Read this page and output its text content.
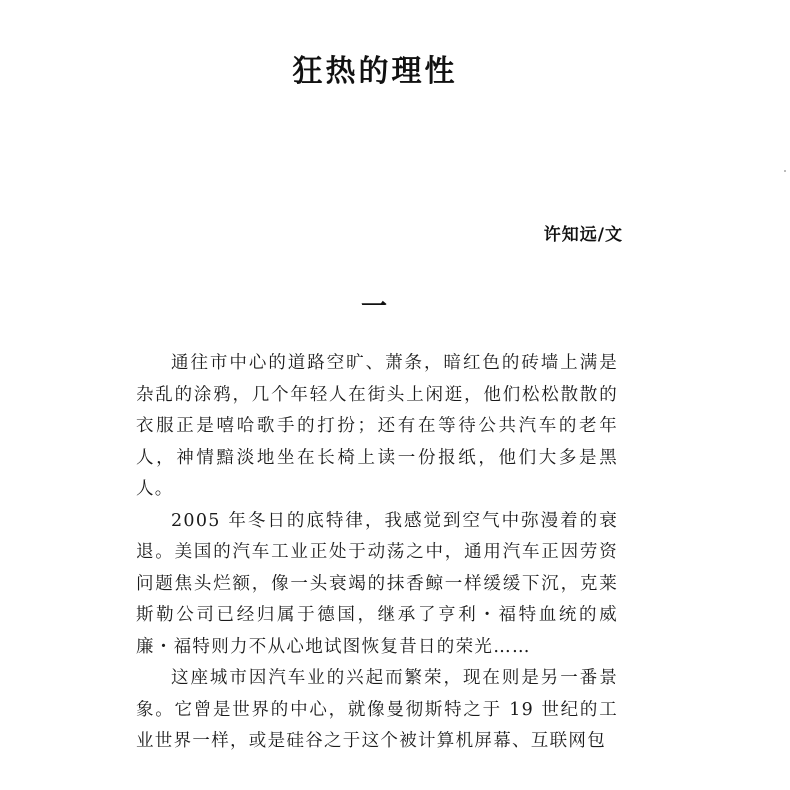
狂热的理性
许知远/文
一

通往市中心的道路空旷、萧条，暗红色的砖墙上满是杂乱的涂鸦，几个年轻人在街头上闲逛，他们松松散散的衣服正是嘻哈歌手的打扮；还有在等待公共汽车的老年人，神情黯淡地坐在长椅上读一份报纸，他们大多是黑人。

2005 年冬日的底特律，我感觉到空气中弥漫着的衰退。美国的汽车工业正处于动荡之中，通用汽车正因劳资问题焦头烂额，像一头衰竭的抹香鲸一样缓缓下沉，克莱斯勒公司已经归属于德国，继承了亨利・福特血统的威廉・福特则力不从心地试图恢复昔日的荣光……

这座城市因汽车业的兴起而繁荣，现在则是另一番景象。它曾是世界的中心，就像曼彻斯特之于 19 世纪的工业世界一样，或是硅谷之于这个被计算机屏幕、互联网包
